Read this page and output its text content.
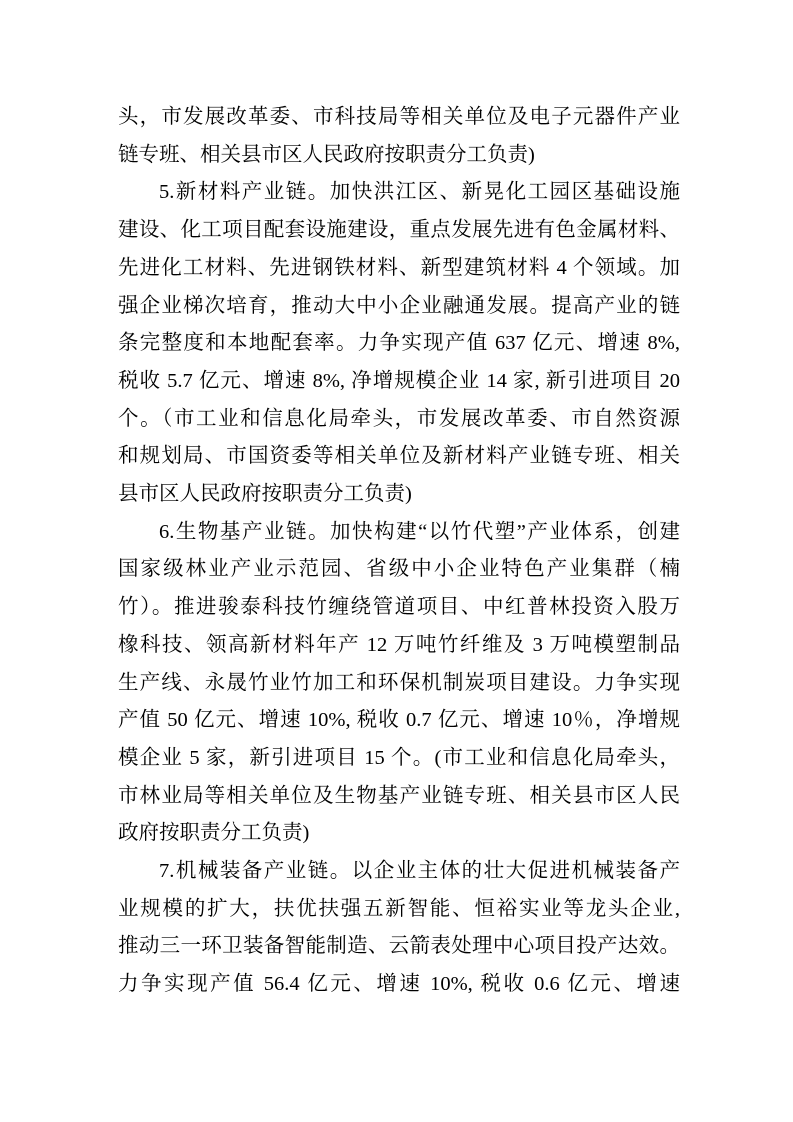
头，市发展改革委、市科技局等相关单位及电子元器件产业
链专班、相关县市区人民政府按职责分工负责)
5.新材料产业链。加快洪江区、新晃化工园区基础设施
建设、化工项目配套设施建设，重点发展先进有色金属材料、
先进化工材料、先进钢铁材料、新型建筑材料 4 个领域。加
强企业梯次培育，推动大中小企业融通发展。提高产业的链
条完整度和本地配套率。力争实现产值 637 亿元、增速 8%,
税收 5.7 亿元、增速 8%, 净增规模企业 14 家, 新引进项目 20
个。（市工业和信息化局牵头，市发展改革委、市自然资源
和规划局、市国资委等相关单位及新材料产业链专班、相关
县市区人民政府按职责分工负责)
6.生物基产业链。加快构建“以竹代塑”产业体系，创建
国家级林业产业示范园、省级中小企业特色产业集群（楠
竹）。推进骏泰科技竹缠绕管道项目、中红普林投资入股万
橡科技、领高新材料年产 12 万吨竹纤维及 3 万吨模塑制品
生产线、永晟竹业竹加工和环保机制炭项目建设。力争实现
产值 50 亿元、增速 10%, 税收 0.7 亿元、增速 10％，净增规
模企业 5 家，新引进项目 15 个。(市工业和信息化局牵头，
市林业局等相关单位及生物基产业链专班、相关县市区人民
政府按职责分工负责)
7.机械装备产业链。以企业主体的壮大促进机械装备产
业规模的扩大，扶优扶强五新智能、恒裕实业等龙头企业,
推动三一环卫装备智能制造、云箭表处理中心项目投产达效。
力争实现产值 56.4 亿元、增速 10%, 税收 0.6 亿元、增速
